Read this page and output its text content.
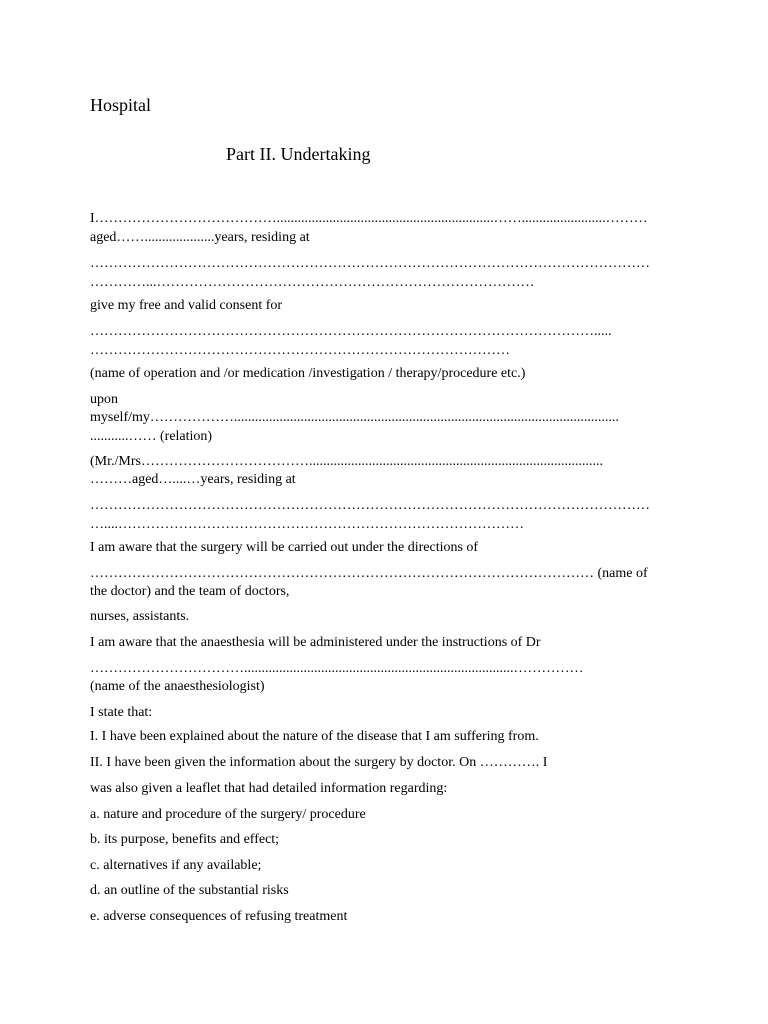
Hospital
Part II. Undertaking
I…………………………………..............................................................……........................………
aged……....................years, residing at
…………………………………………………………………………………………………………
…………...………………………………………………………………………
give my free and valid consent for
……………………………………………………………………………………………….....
………………………………………………………………………………
(name of operation and /or medication /investigation / therapy/procedure etc.)
upon
myself/my………………..............................................................................................................
...........…… (relation)
(Mr./Mrs………………………………....................................................................................
………aged…....…years, residing at
…………………………………………………………………………………………………………
…....……………………………………………………………………………
I am aware that the surgery will be carried out under the directions of
……………………………………………………………………………………………… (name of
the doctor) and the team of doctors,
nurses, assistants.
I am aware that the anaesthesia will be administered under the instructions of Dr
…………………………….............................................................................……………
(name of the anaesthesiologist)
I state that:
I. I have been explained about the nature of the disease that I am suffering from.
II. I have been given the information about the surgery by doctor. On …………. I
was also given a leaflet that had detailed information regarding:
a. nature and procedure of the surgery/ procedure
b. its purpose, benefits and effect;
c. alternatives if any available;
d. an outline of the substantial risks
e. adverse consequences of refusing treatment
